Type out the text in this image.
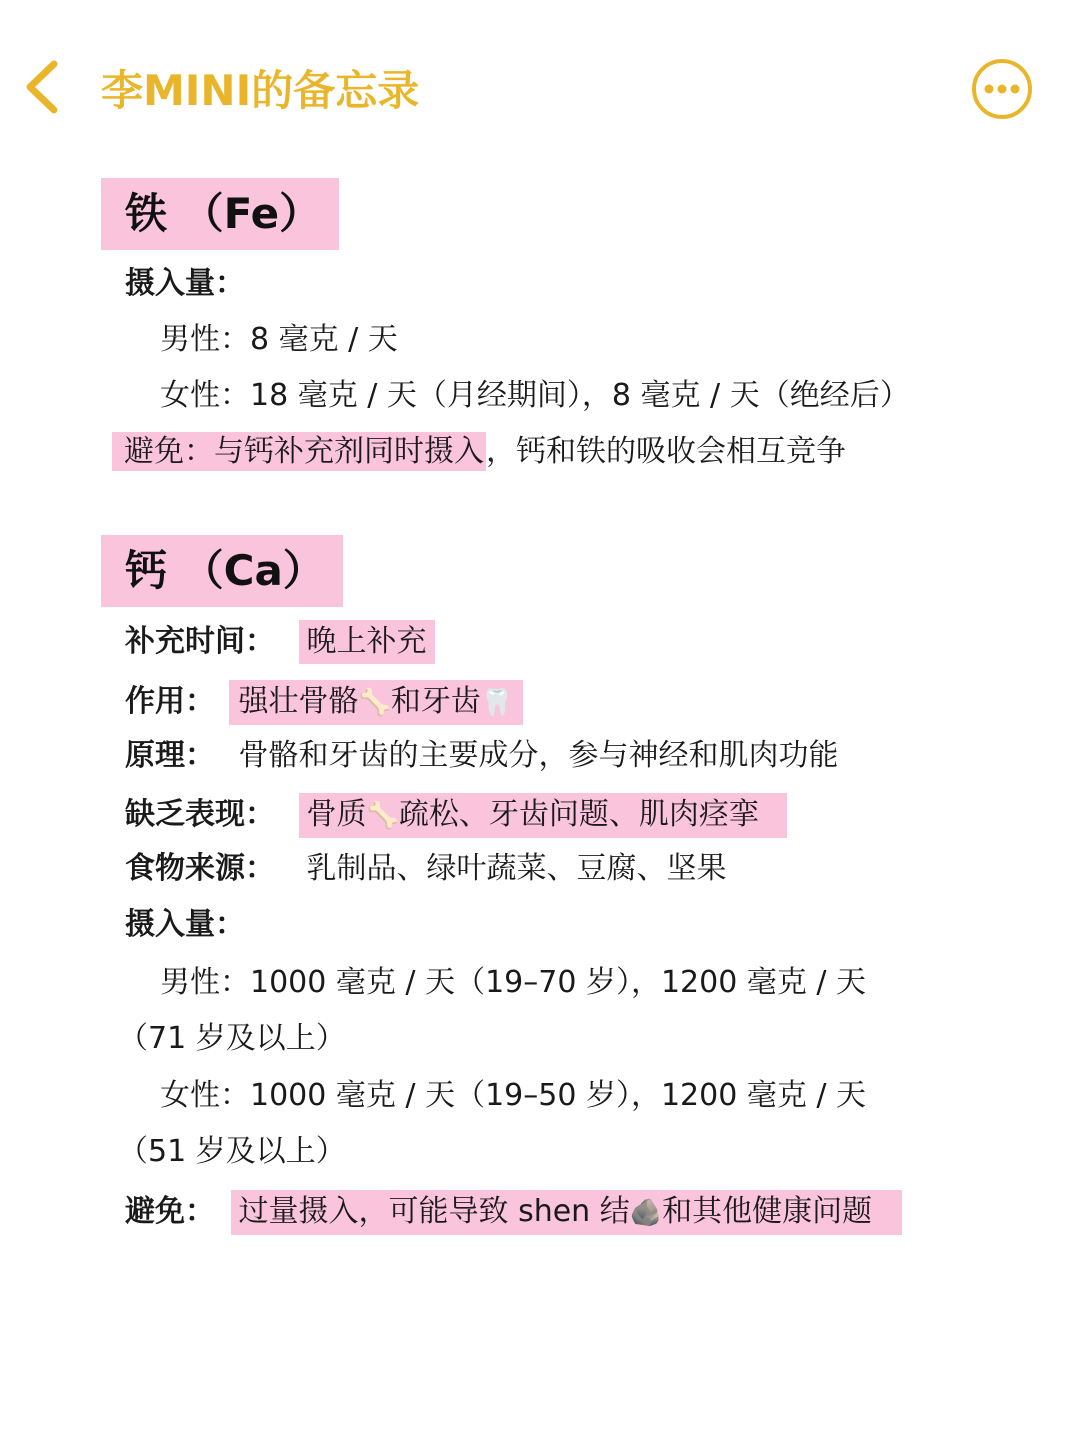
李MINI的备忘录
铁 （Fe）
摄入量：
男性：8 毫克 / 天
女性：18 毫克 / 天（月经期间），8 毫克 / 天（绝经后）
避免：与钙补充剂同时摄入，钙和铁的吸收会相互竞争
钙 （Ca）
补充时间： 晚上补充
作用： 强壮骨骼🦴和牙齿🦷
原理： 骨骼和牙齿的主要成分，参与神经和肌肉功能
缺乏表现： 骨质🦴疏松、牙齿问题、肌肉痉挛
食物来源： 乳制品、绿叶蔬菜、豆腐、坚果
摄入量：
男性：1000 毫克 / 天（19–70 岁），1200 毫克 / 天
（71 岁及以上）
女性：1000 毫克 / 天（19–50 岁），1200 毫克 / 天
（51 岁及以上）
避免： 过量摄入，可能导致 shen 结🪨和其他健康问题
